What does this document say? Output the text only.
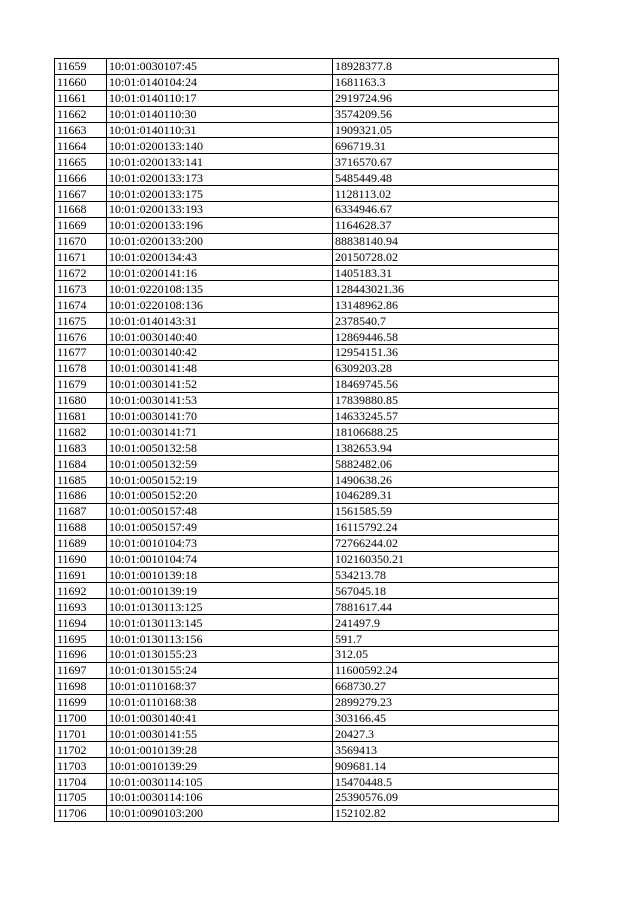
11659	10:01:0030107:45	18928377.8
11660	10:01:0140104:24	1681163.3
11661	10:01:0140110:17	2919724.96
11662	10:01:0140110:30	3574209.56
11663	10:01:0140110:31	1909321.05
11664	10:01:0200133:140	696719.31
11665	10:01:0200133:141	3716570.67
11666	10:01:0200133:173	5485449.48
11667	10:01:0200133:175	1128113.02
11668	10:01:0200133:193	6334946.67
11669	10:01:0200133:196	1164628.37
11670	10:01:0200133:200	88838140.94
11671	10:01:0200134:43	20150728.02
11672	10:01:0200141:16	1405183.31
11673	10:01:0220108:135	128443021.36
11674	10:01:0220108:136	13148962.86
11675	10:01:0140143:31	2378540.7
11676	10:01:0030140:40	12869446.58
11677	10:01:0030140:42	12954151.36
11678	10:01:0030141:48	6309203.28
11679	10:01:0030141:52	18469745.56
11680	10:01:0030141:53	17839880.85
11681	10:01:0030141:70	14633245.57
11682	10:01:0030141:71	18106688.25
11683	10:01:0050132:58	1382653.94
11684	10:01:0050132:59	5882482.06
11685	10:01:0050152:19	1490638.26
11686	10:01:0050152:20	1046289.31
11687	10:01:0050157:48	1561585.59
11688	10:01:0050157:49	16115792.24
11689	10:01:0010104:73	72766244.02
11690	10:01:0010104:74	102160350.21
11691	10:01:0010139:18	534213.78
11692	10:01:0010139:19	567045.18
11693	10:01:0130113:125	7881617.44
11694	10:01:0130113:145	241497.9
11695	10:01:0130113:156	591.7
11696	10:01:0130155:23	312.05
11697	10:01:0130155:24	11600592.24
11698	10:01:0110168:37	668730.27
11699	10:01:0110168:38	2899279.23
11700	10:01:0030140:41	303166.45
11701	10:01:0030141:55	20427.3
11702	10:01:0010139:28	3569413
11703	10:01:0010139:29	909681.14
11704	10:01:0030114:105	15470448.5
11705	10:01:0030114:106	25390576.09
11706	10:01:0090103:200	152102.82
